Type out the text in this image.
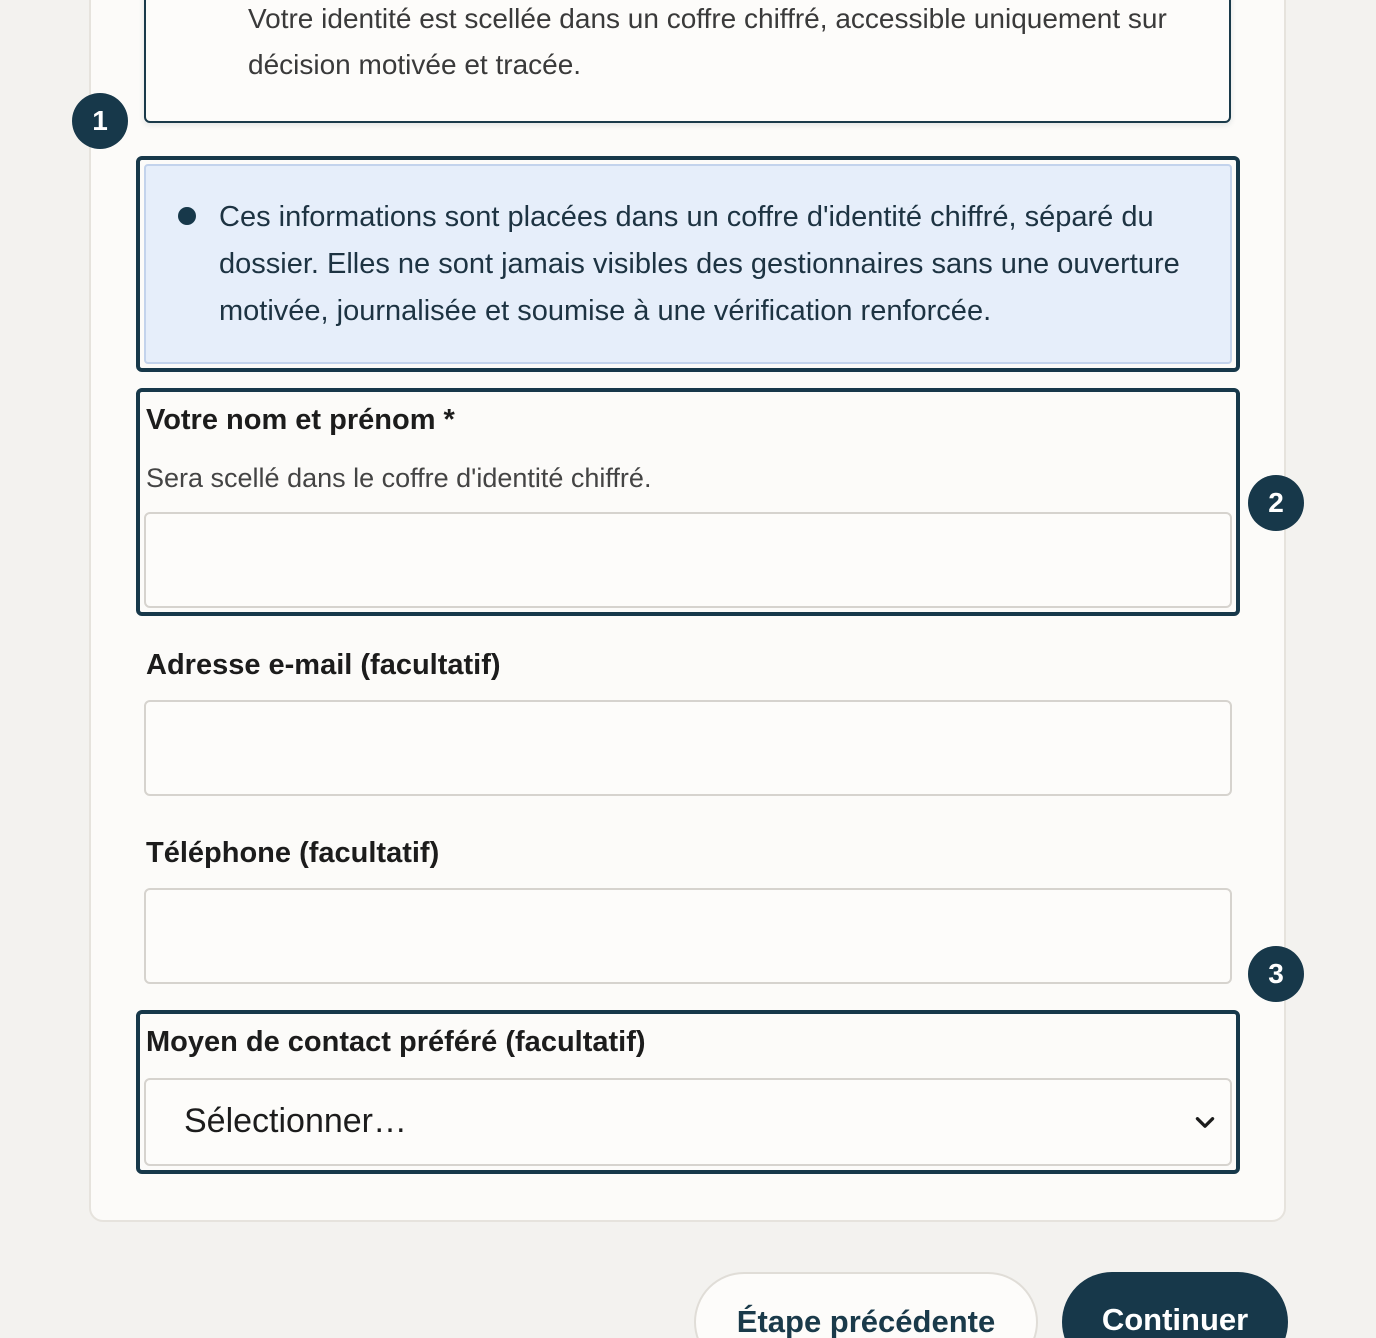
Votre identité est scellée dans un coffre chiffré, accessible uniquement sur décision motivée et tracée.
1
2
3
Ces informations sont placées dans un coffre d'identité chiffré, séparé du dossier. Elles ne sont jamais visibles des gestionnaires sans une ouverture motivée, journalisée et soumise à une vérification renforcée.
Votre nom et prénom *
Sera scellé dans le coffre d'identité chiffré.
Adresse e-mail (facultatif)
Téléphone (facultatif)
Moyen de contact préféré (facultatif)
Sélectionner…
Étape précédente	Continuer
